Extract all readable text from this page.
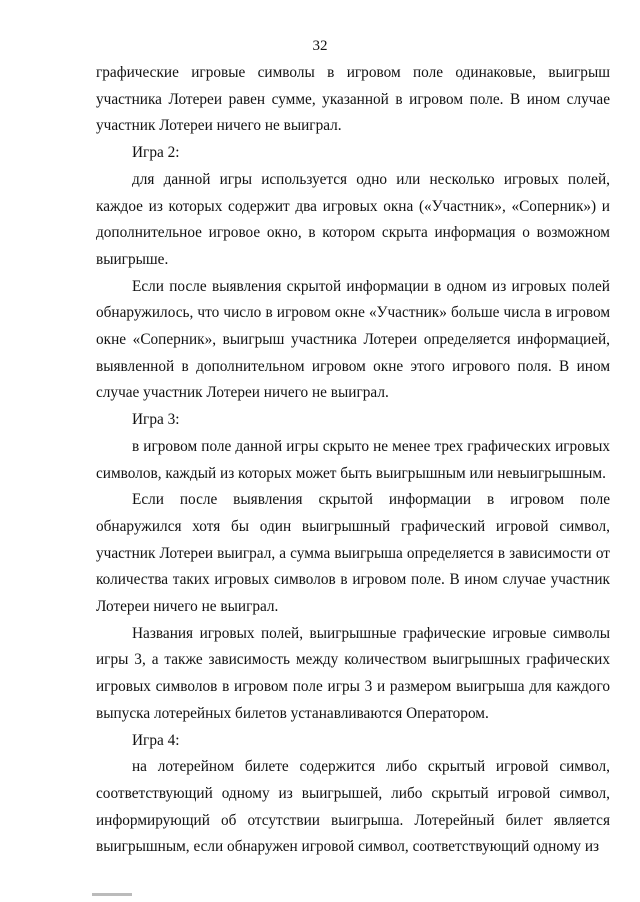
32

графические игровые символы в игровом поле одинаковые, выигрыш участника Лотереи равен сумме, указанной в игровом поле. В ином случае участник Лотереи ничего не выиграл.

Игра 2:

для данной игры используется одно или несколько игровых полей, каждое из которых содержит два игровых окна («Участник», «Соперник») и дополнительное игровое окно, в котором скрыта информация о возможном выигрыше.

Если после выявления скрытой информации в одном из игровых полей обнаружилось, что число в игровом окне «Участник» больше числа в игровом окне «Соперник», выигрыш участника Лотереи определяется информацией, выявленной в дополнительном игровом окне этого игрового поля. В ином случае участник Лотереи ничего не выиграл.

Игра 3:

в игровом поле данной игры скрыто не менее трех графических игровых символов, каждый из которых может быть выигрышным или невыигрышным.

Если после выявления скрытой информации в игровом поле обнаружился хотя бы один выигрышный графический игровой символ, участник Лотереи выиграл, а сумма выигрыша определяется в зависимости от количества таких игровых символов в игровом поле. В ином случае участник Лотереи ничего не выиграл.

Названия игровых полей, выигрышные графические игровые символы игры 3, а также зависимость между количеством выигрышных графических игровых символов в игровом поле игры 3 и размером выигрыша для каждого выпуска лотерейных билетов устанавливаются Оператором.

Игра 4:

на лотерейном билете содержится либо скрытый игровой символ, соответствующий одному из выигрышей, либо скрытый игровой символ, информирующий об отсутствии выигрыша. Лотерейный билет является выигрышным, если обнаружен игровой символ, соответствующий одному из
